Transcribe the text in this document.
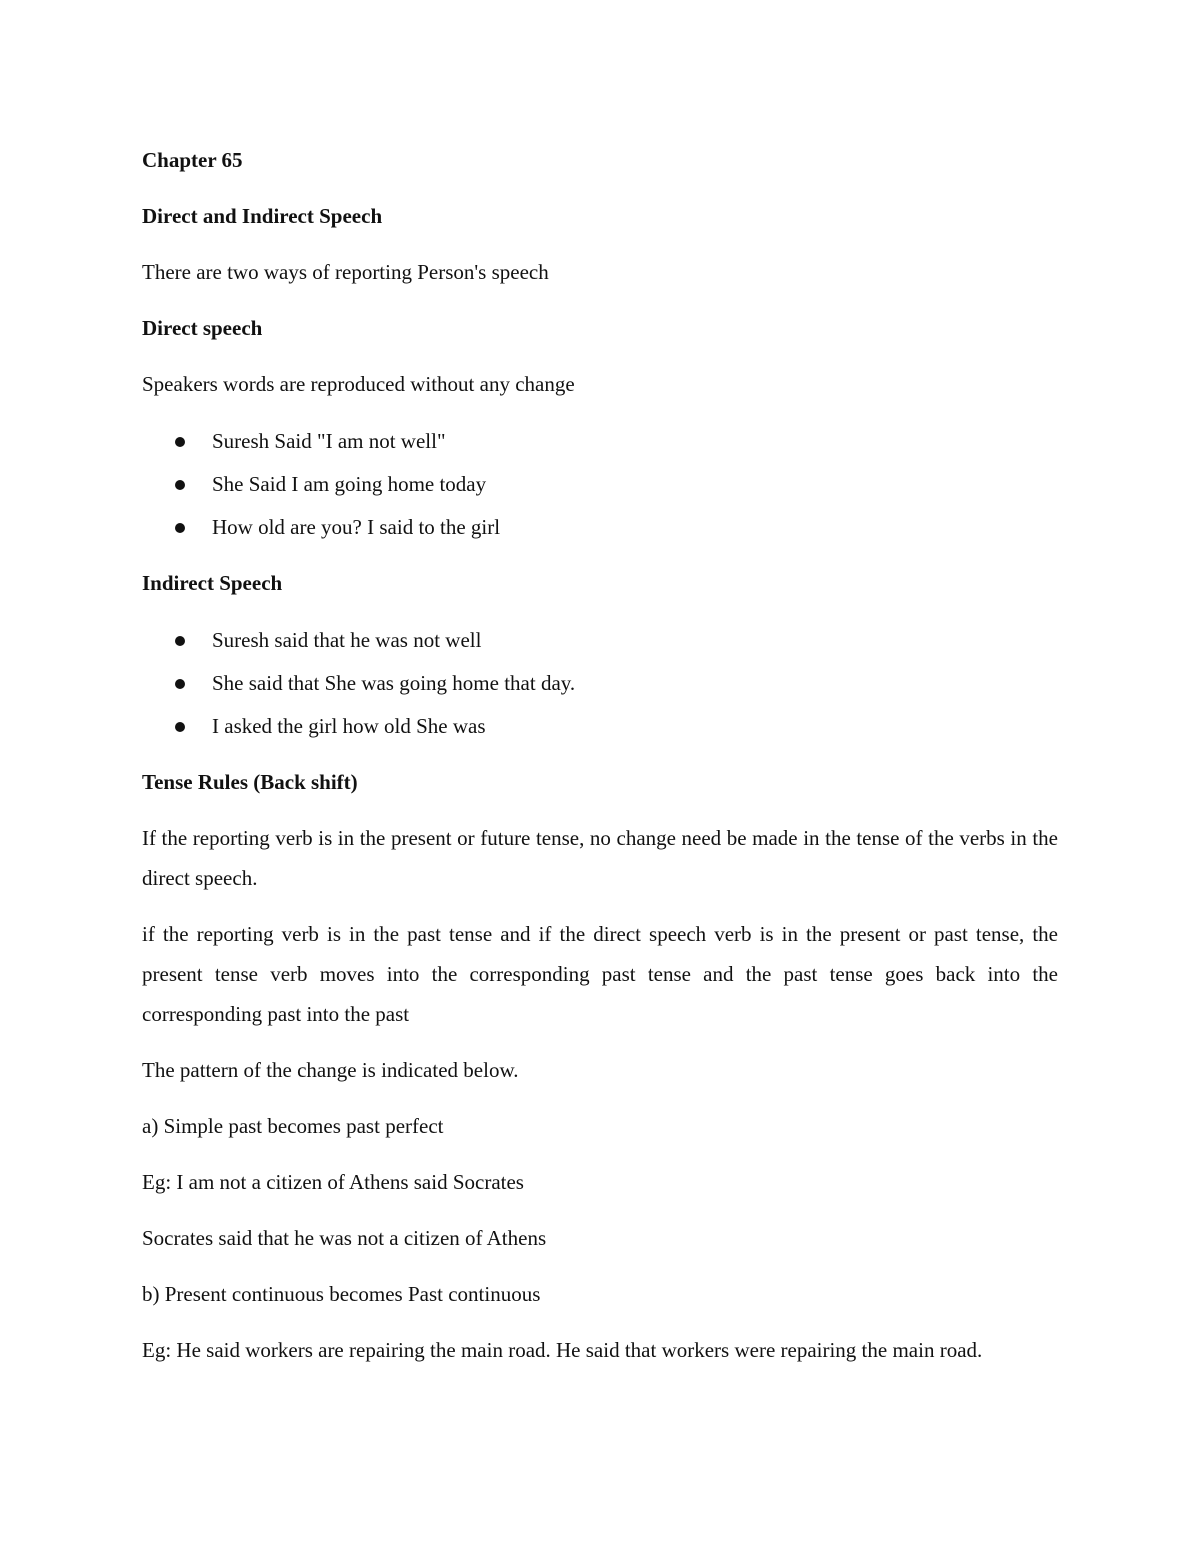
Chapter 65
Direct and Indirect Speech
There are two ways of reporting Person's speech
Direct speech
Speakers words are reproduced without any change
Suresh Said "I am not well"
She Said I am going home today
How old are you? I said to the girl
Indirect Speech
Suresh said that he was not well
She said that She was going home that day.
I asked the girl how old She was
Tense Rules (Back shift)
If the reporting verb is in the present or future tense, no change need be made in the tense of the verbs in the direct speech.
if the reporting verb is in the past tense and if the direct speech verb is in the present or past tense, the present tense verb moves into the corresponding past tense and the past tense goes back into the corresponding past into the past
The pattern of the change is indicated below.
a) Simple past becomes past perfect
Eg: I am not a citizen of Athens said Socrates
Socrates said that he was not a citizen of Athens
b) Present continuous becomes Past continuous
Eg: He said workers are repairing the main road. He said that workers were repairing the main road.
